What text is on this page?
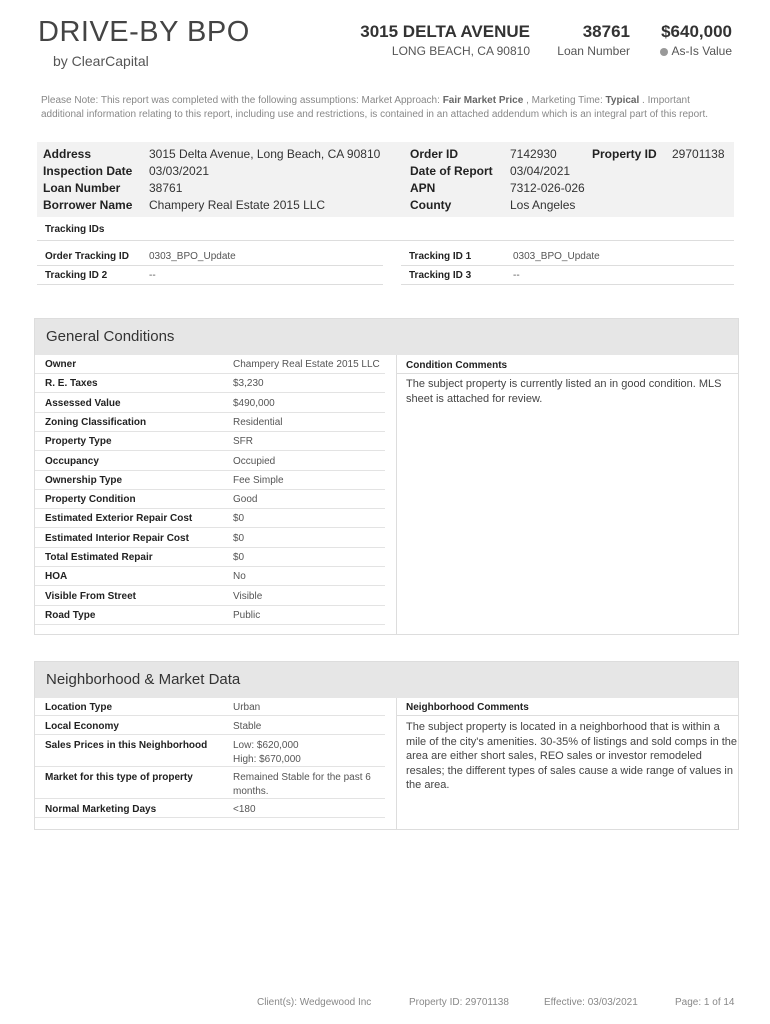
DRIVE-BY BPO
by ClearCapital
3015 DELTA AVENUE
LONG BEACH, CA 90810
38761
Loan Number
$640,000
As-Is Value
Please Note: This report was completed with the following assumptions: Market Approach: Fair Market Price , Marketing Time: Typical . Important additional information relating to this report, including use and restrictions, is contained in an attached addendum which is an integral part of this report.
Address	3015 Delta Avenue, Long Beach, CA 90810
Inspection Date 03/03/2021
Loan Number 38761
Borrower Name Champery Real Estate 2015 LLC
Order ID	7142930
Date of Report 03/04/2021
APN	7312-026-026
County	Los Angeles
Property ID 29701138
Tracking IDs
Order Tracking ID 0303_BPO_Update	Tracking ID 1	0303_BPO_Update
Tracking ID 2	--	Tracking ID 3	--
General Conditions
Condition Comments
The subject property is currently listed an in good condition. MLS sheet is attached for review.
Owner	Champery Real Estate 2015 LLC
R. E. Taxes	$3,230
Assessed Value	$490,000
Zoning Classification	Residential
Property Type	SFR
Occupancy	Occupied
Ownership Type	Fee Simple
Property Condition	Good
Estimated Exterior Repair Cost	$0
Estimated Interior Repair Cost	$0
Total Estimated Repair	$0
HOA	No
Visible From Street	Visible
Road Type	Public
Neighborhood & Market Data
Neighborhood Comments
The subject property is located in a neighborhood that is within a mile of the city's amenities. 30-35% of listings and sold comps in the area are either short sales, REO sales or investor remodeled resales; the different types of sales cause a wide range of values in the area.
Location Type	Urban
Local Economy	Stable
Sales Prices in this Neighborhood	Low: $620,000
High: $670,000
Market for this type of property	Remained Stable for the past 6
months.
Normal Marketing Days	<180
Client(s): Wedgewood Inc	Property ID: 29701138	Effective: 03/03/2021	Page: 1 of 14
